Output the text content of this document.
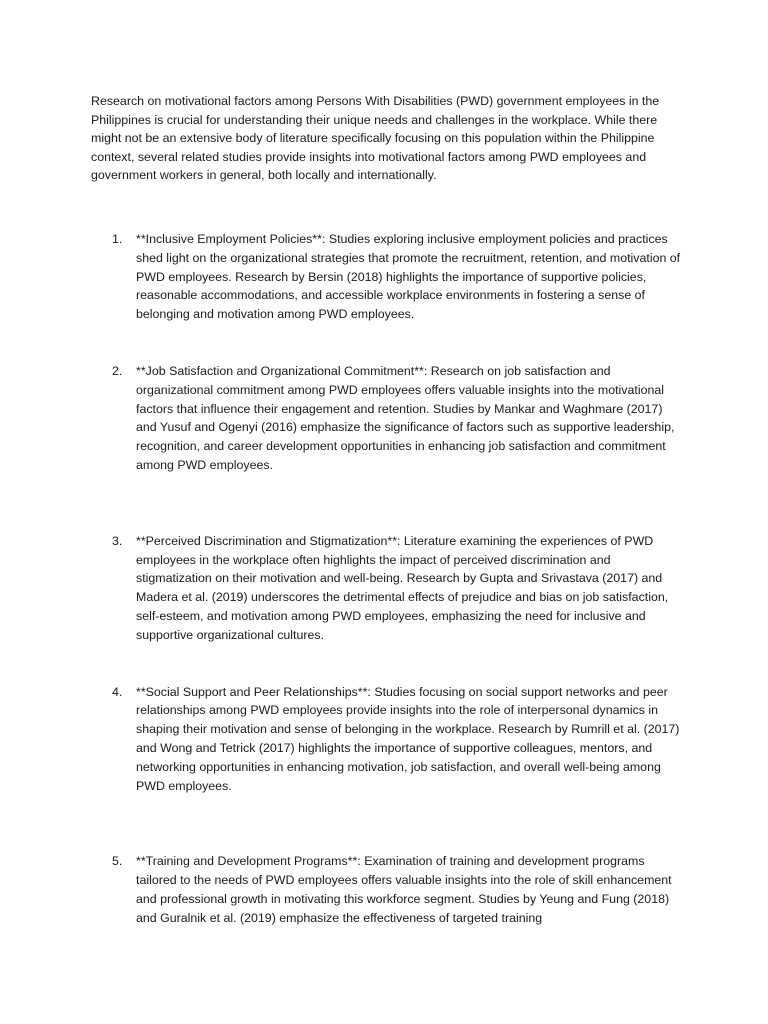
Research on motivational factors among Persons With Disabilities (PWD) government employees in the Philippines is crucial for understanding their unique needs and challenges in the workplace. While there might not be an extensive body of literature specifically focusing on this population within the Philippine context, several related studies provide insights into motivational factors among PWD employees and government workers in general, both locally and internationally.

1. **Inclusive Employment Policies**: Studies exploring inclusive employment policies and practices shed light on the organizational strategies that promote the recruitment, retention, and motivation of PWD employees. Research by Bersin (2018) highlights the importance of supportive policies, reasonable accommodations, and accessible workplace environments in fostering a sense of belonging and motivation among PWD employees.
2. **Job Satisfaction and Organizational Commitment**: Research on job satisfaction and organizational commitment among PWD employees offers valuable insights into the motivational factors that influence their engagement and retention. Studies by Mankar and Waghmare (2017) and Yusuf and Ogenyi (2016) emphasize the significance of factors such as supportive leadership, recognition, and career development opportunities in enhancing job satisfaction and commitment among PWD employees.
3. **Perceived Discrimination and Stigmatization**: Literature examining the experiences of PWD employees in the workplace often highlights the impact of perceived discrimination and stigmatization on their motivation and well-being. Research by Gupta and Srivastava (2017) and Madera et al. (2019) underscores the detrimental effects of prejudice and bias on job satisfaction, self-esteem, and motivation among PWD employees, emphasizing the need for inclusive and supportive organizational cultures.
4. **Social Support and Peer Relationships**: Studies focusing on social support networks and peer relationships among PWD employees provide insights into the role of interpersonal dynamics in shaping their motivation and sense of belonging in the workplace. Research by Rumrill et al. (2017) and Wong and Tetrick (2017) highlights the importance of supportive colleagues, mentors, and networking opportunities in enhancing motivation, job satisfaction, and overall well-being among PWD employees.
5. **Training and Development Programs**: Examination of training and development programs tailored to the needs of PWD employees offers valuable insights into the role of skill enhancement and professional growth in motivating this workforce segment. Studies by Yeung and Fung (2018) and Guralnik et al. (2019) emphasize the effectiveness of targeted training
